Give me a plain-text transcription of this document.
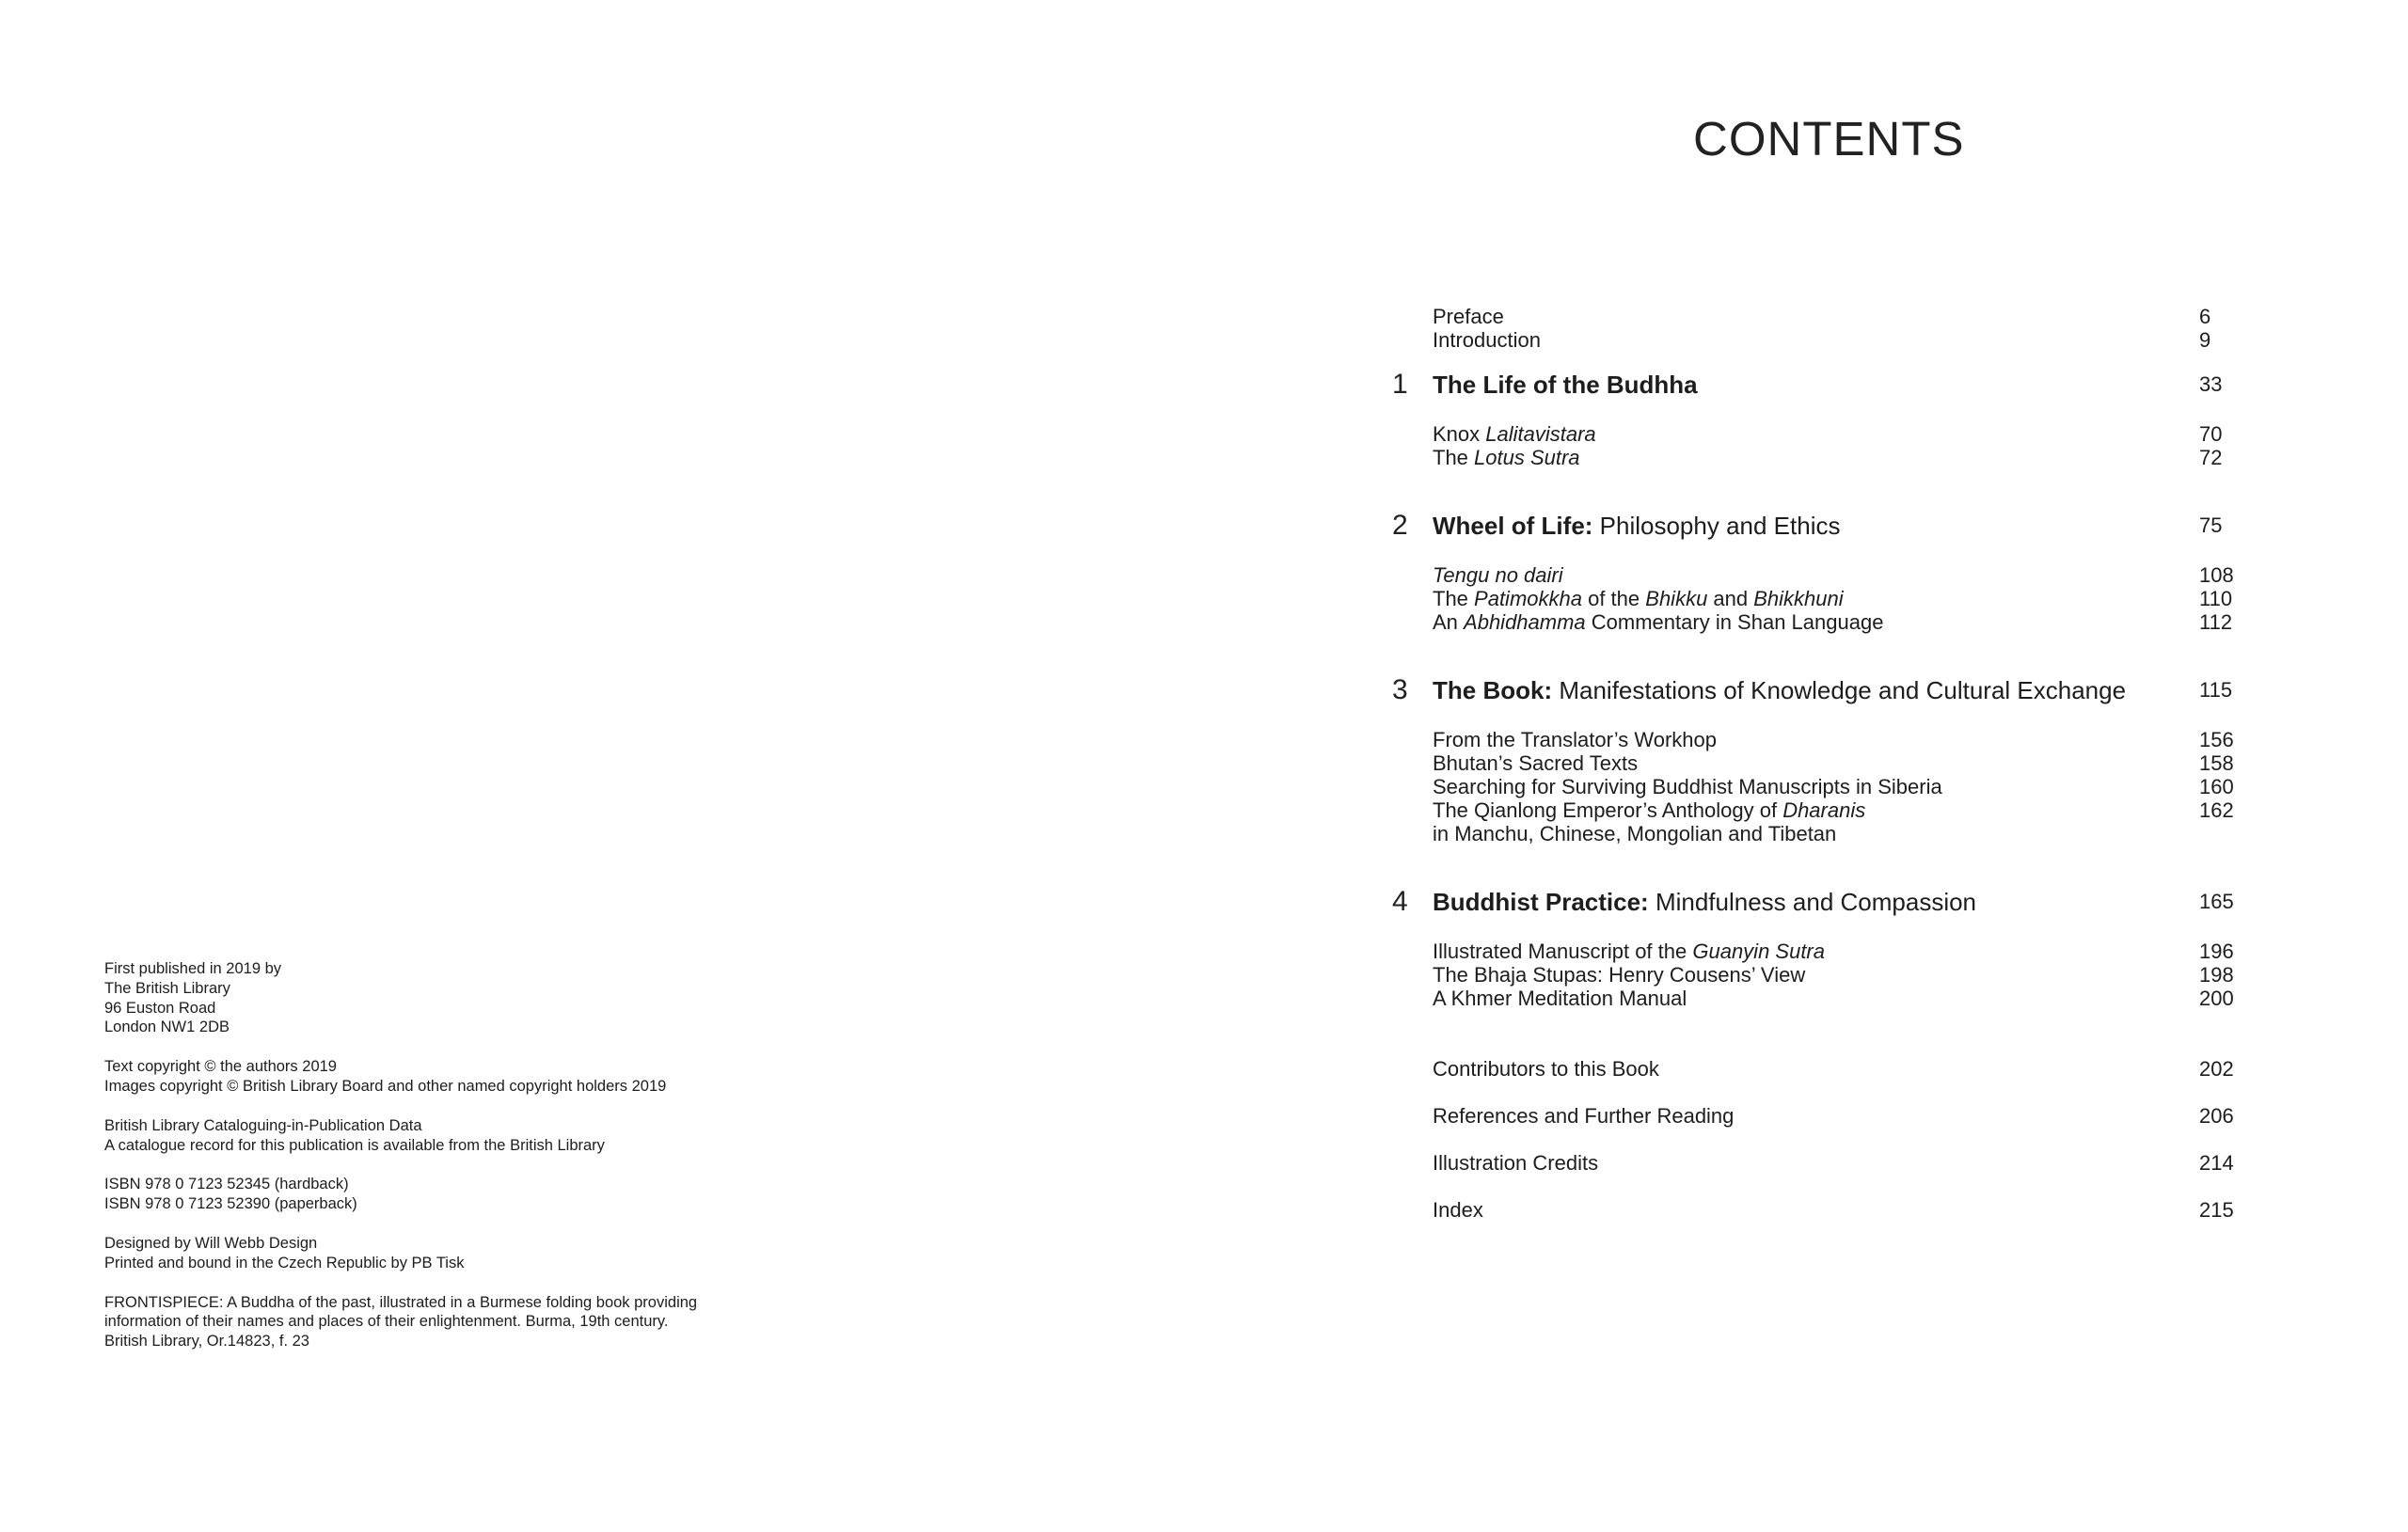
First published in 2019 by
The British Library
96 Euston Road
London NW1 2DB
Text copyright © the authors 2019
Images copyright © British Library Board and other named copyright holders 2019
British Library Cataloguing-in-Publication Data
A catalogue record for this publication is available from the British Library
ISBN 978 0 7123 52345 (hardback)
ISBN 978 0 7123 52390 (paperback)
Designed by Will Webb Design
Printed and bound in the Czech Republic by PB Tisk
FRONTISPIECE: A Buddha of the past, illustrated in a Burmese folding book providing
information of their names and places of their enlightenment. Burma, 19th century.
British Library, Or.14823, f. 23
CONTENTS
Preface	6
Introduction	9
1	The Life of the Budhha	33
Knox Lalitavistara	70
The Lotus Sutra	72
2	Wheel of Life: Philosophy and Ethics	75
Tengu no dairi	108
The Patimokkha of the Bhikku and Bhikkhuni	110
An Abhidhamma Commentary in Shan Language	112
3	The Book: Manifestations of Knowledge and Cultural Exchange	115
From the Translator’s Workhop	156
Bhutan’s Sacred Texts	158
Searching for Surviving Buddhist Manuscripts in Siberia	160
The Qianlong Emperor’s Anthology of Dharanis	162
in Manchu, Chinese, Mongolian and Tibetan
4	Buddhist Practice: Mindfulness and Compassion	165
Illustrated Manuscript of the Guanyin Sutra	196
The Bhaja Stupas: Henry Cousens’ View	198
A Khmer Meditation Manual	200
Contributors to this Book	202
References and Further Reading	206
Illustration Credits	214
Index	215
